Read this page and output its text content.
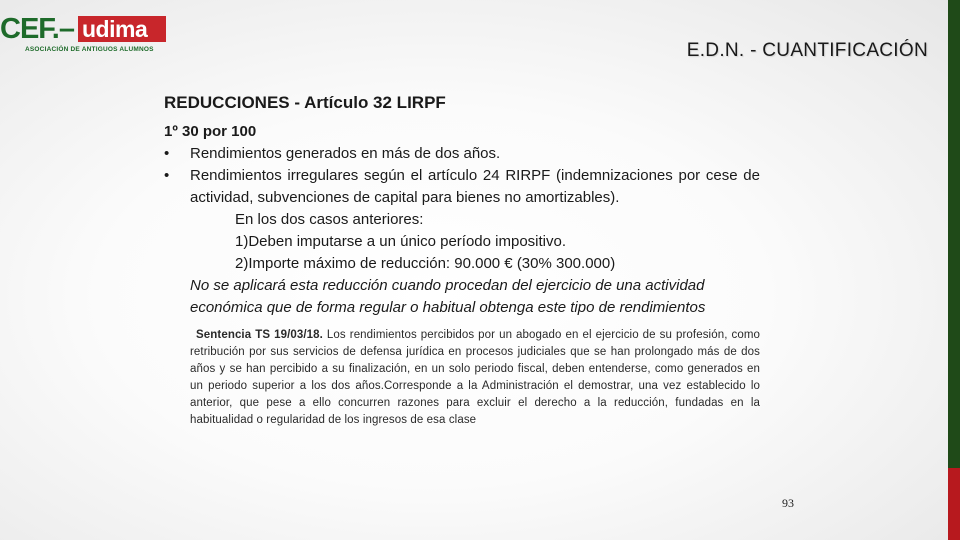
CEF.– udima
ASOCIACIÓN DE ANTIGUOS ALUMNOS	E.D.N. - CUANTIFICACIÓN
REDUCCIONES - Artículo 32 LIRPF
1º 30 por 100
• Rendimientos generados en más de dos años.
• Rendimientos irregulares según el artículo 24 RIRPF (indemnizaciones por cese de actividad, subvenciones de capital para bienes no amortizables).
En los dos casos anteriores:
1)Deben imputarse a un único período impositivo.
2)Importe máximo de reducción: 90.000 € (30% 300.000)
No se aplicará esta reducción cuando procedan del ejercicio de una actividad económica que de forma regular o habitual obtenga este tipo de rendimientos
Sentencia TS 19/03/18. Los rendimientos percibidos por un abogado en el ejercicio de su profesión, como retribución por sus servicios de defensa jurídica en procesos judiciales que se han prolongado más de dos años y se han percibido a su finalización, en un solo periodo fiscal, deben entenderse, como generados en un periodo superior a los dos años.Corresponde a la Administración el demostrar, una vez establecido lo anterior, que pese a ello concurren razones para excluir el derecho a la reducción, fundadas en la habitualidad o regularidad de los ingresos de esa clase
93
